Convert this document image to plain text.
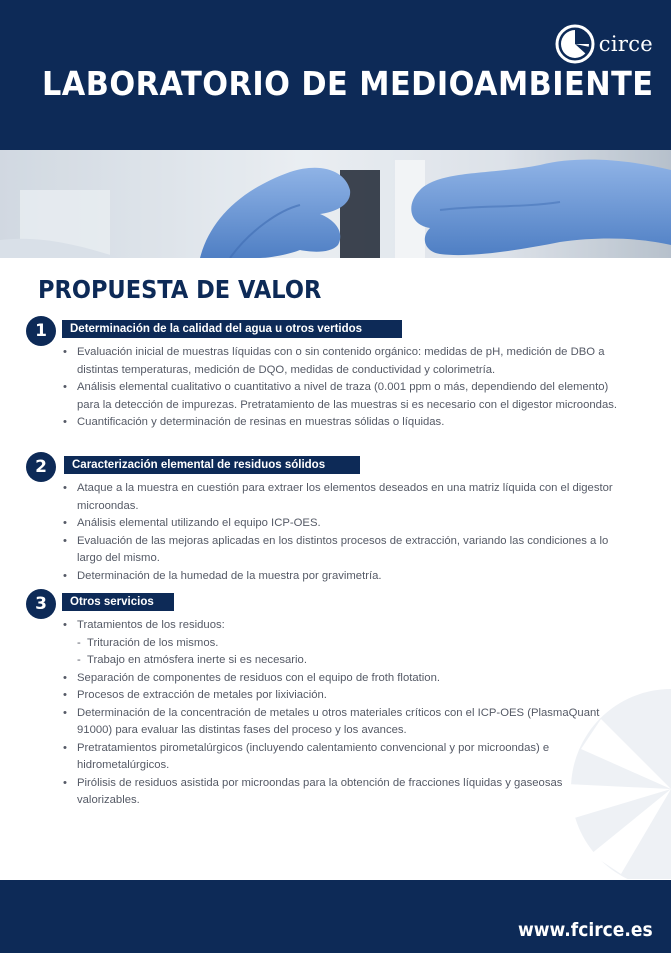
circe
LABORATORIO DE MEDIOAMBIENTE
PROPUESTA DE VALOR
1	Determinación de la calidad del agua u otros vertidos
• Evaluación inicial de muestras líquidas con o sin contenido orgánico: medidas de pH, medición de DBO a distintas temperaturas, medición de DQO, medidas de conductividad y colorimetría.
• Análisis elemental cualitativo o cuantitativo a nivel de traza (0.001 ppm o más, dependiendo del elemento) para la detección de impurezas. Pretratamiento de las muestras si es necesario con el digestor microondas.
• Cuantificación y determinación de resinas en muestras sólidas o líquidas.
2	Caracterización elemental de residuos sólidos
• Ataque a la muestra en cuestión para extraer los elementos deseados en una matriz líquida con el digestor microondas.
• Análisis elemental utilizando el equipo ICP-OES.
• Evaluación de las mejoras aplicadas en los distintos procesos de extracción, variando las condiciones a lo largo del mismo.
• Determinación de la humedad de la muestra por gravimetría.
3	Otros servicios
• Tratamientos de los residuos:
- Trituración de los mismos.
- Trabajo en atmósfera inerte si es necesario.
• Separación de componentes de residuos con el equipo de froth flotation.
• Procesos de extracción de metales por lixiviación.
• Determinación de la concentración de metales u otros materiales críticos con el ICP-OES (PlasmaQuant 91000) para evaluar las distintas fases del proceso y los avances.
• Pretratamientos pirometalúrgicos (incluyendo calentamiento convencional y por microondas) e hidrometalúrgicos.
• Pirólisis de residuos asistida por microondas para la obtención de fracciones líquidas y gaseosas valorizables.
www.fcirce.es
